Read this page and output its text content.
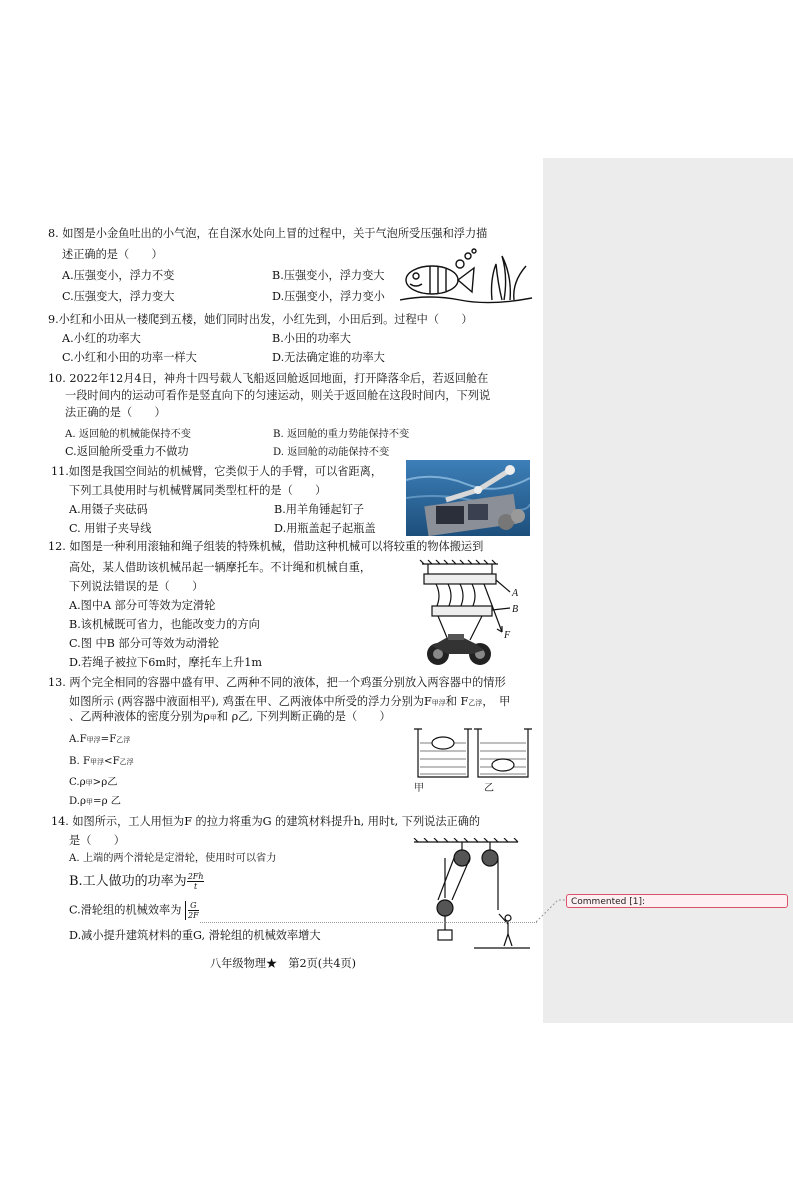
8. 如图是小金鱼吐出的小气泡，在自深水处向上冒的过程中，关于气泡所受压强和浮力描
述正确的是（　　）
A.压强变小，浮力不变	B.压强变小，浮力变大
C.压强变大，浮力变大	D.压强变小，浮力变小
9.小红和小田从一楼爬到五楼，她们同时出发，小红先到，小田后到。过程中（　　）
A.小红的功率大	B.小田的功率大
C.小红和小田的功率一样大	D.无法确定谁的功率大
10. 2022年12月4日，神舟十四号载人飞船返回舱返回地面，打开降落伞后，若返回舱在
一段时间内的运动可看作是竖直向下的匀速运动，则关于返回舱在这段时间内，下列说
法正确的是（　　）
A. 返回舱的机械能保持不变	B. 返回舱的重力势能保持不变
C.返回舱所受重力不做功	D. 返回舱的动能保持不变
11.如图是我国空间站的机械臂，它类似于人的手臂，可以省距离，
下列工具使用时与机械臂属同类型杠杆的是（　　）
A.用镊子夹砝码	B.用羊角锤起钉子
C. 用钳子夹导线	D.用瓶盖起子起瓶盖
12. 如图是一种利用滚轴和绳子组装的特殊机械，借助这种机械可以将较重的物体搬运到
高处，某人借助该机械吊起一辆摩托车。不计绳和机械自重，
下列说法错误的是（　　）
A.图中A 部分可等效为定滑轮
B.该机械既可省力，也能改变力的方向
C.图 中B 部分可等效为动滑轮
D.若绳子被拉下6m时，摩托车上升1m
A
B
F
13. 两个完全相同的容器中盛有甲、乙两种不同的液体，把一个鸡蛋分别放入两容器中的情形
如图所示 (两容器中液面相平), 鸡蛋在甲、乙两液体中所受的浮力分别为F甲浮和 F乙浮，　甲
、乙两种液体的密度分别为ρ甲和 ρ乙, 下列判断正确的是（　　）
A.F甲浮=F乙浮
B. F甲浮<F乙浮
C.ρ甲>ρ乙
D.ρ甲=ρ 乙
甲	乙
14. 如图所示，工人用恒为F 的拉力将重为G 的建筑材料提升h, 用时t, 下列说法正确的
是（　　）
A. 上端的两个滑轮是定滑轮，使用时可以省力
B.工人做功的功率为 $\frac{2Fh}{t}$
C.滑轮组的机械效率为 $\frac{G}{2F}$
D.减小提升建筑材料的重G, 滑轮组的机械效率增大
八年级物理★　第2页(共4页)
Commented [1]:
